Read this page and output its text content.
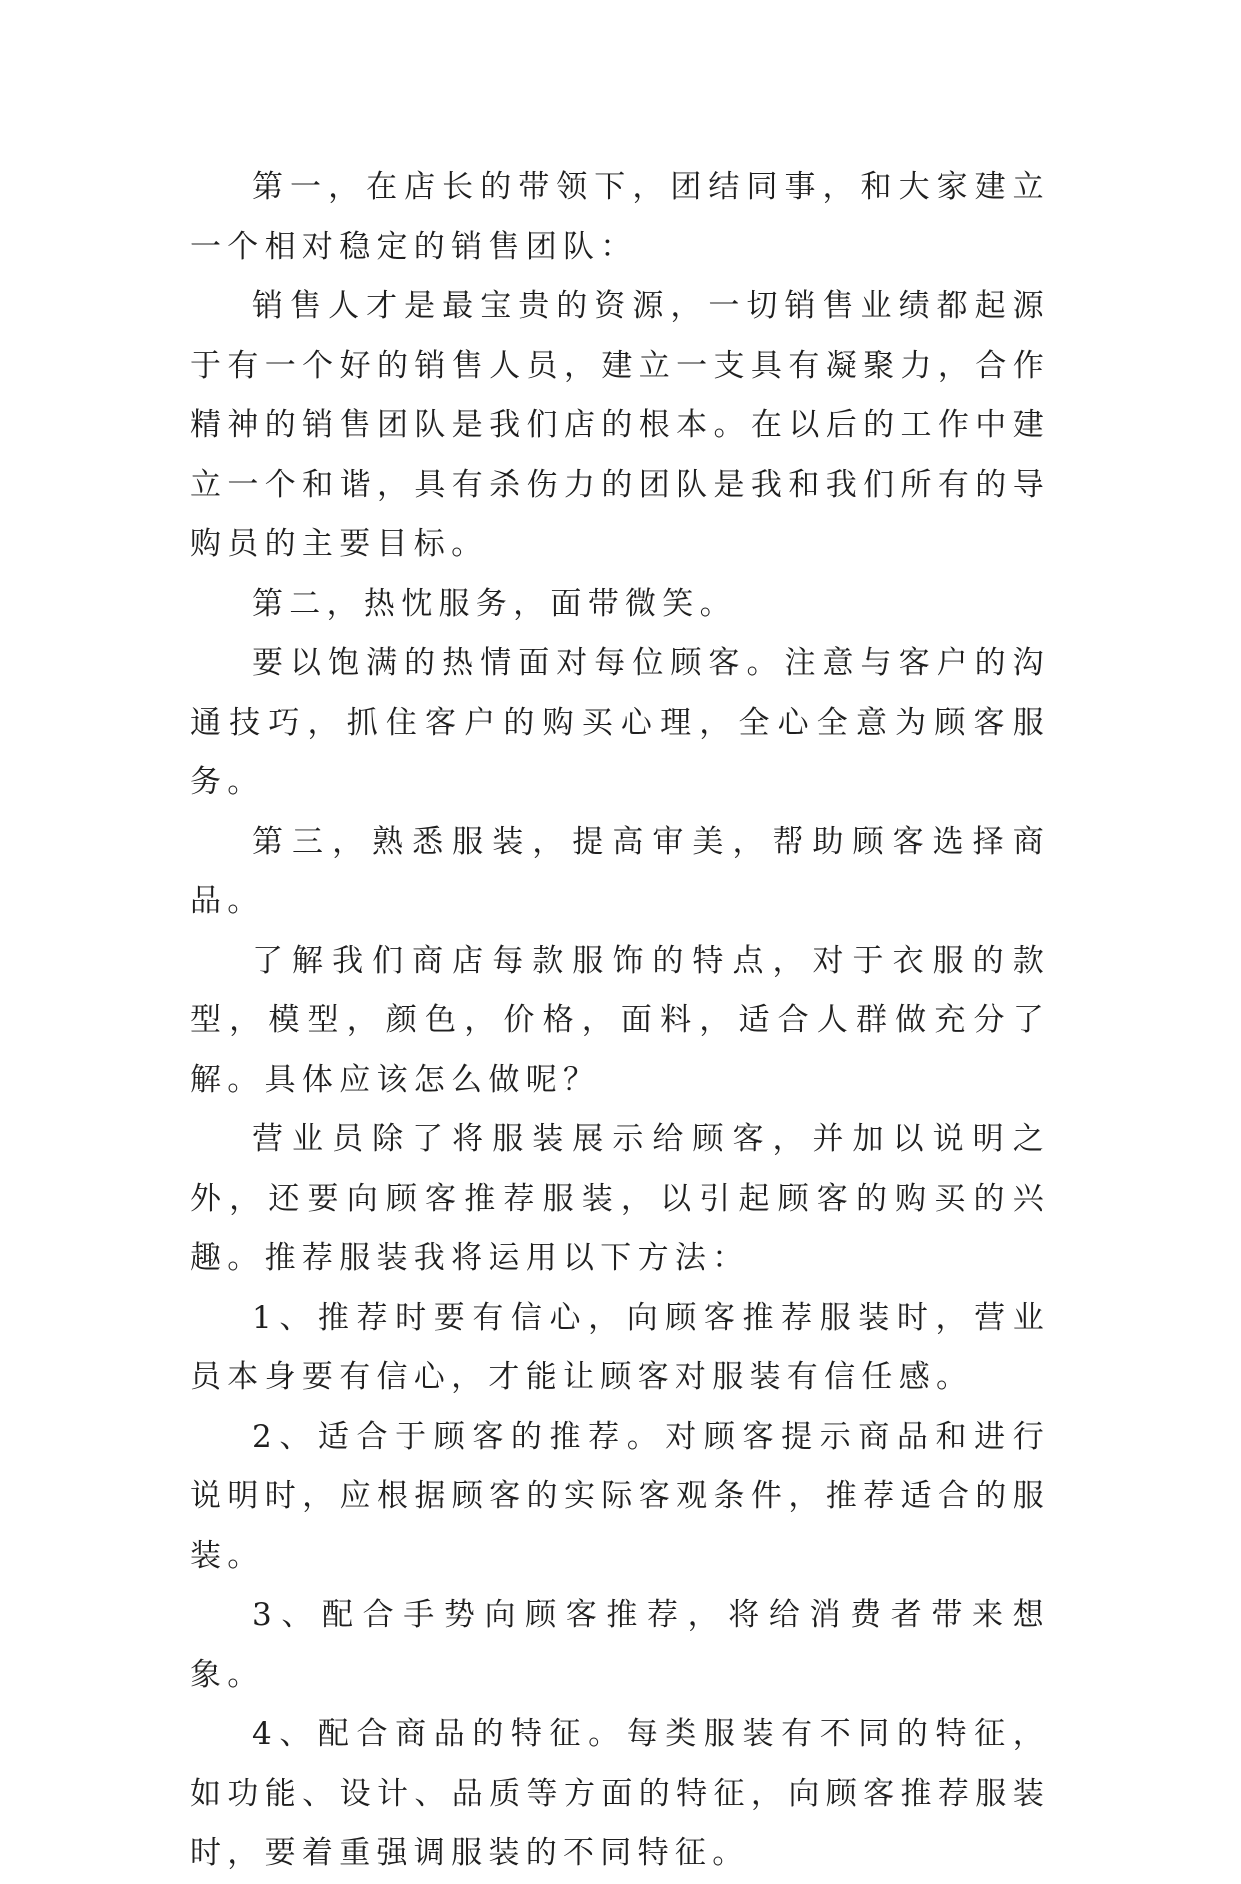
第一，在店长的带领下，团结同事，和大家建立一个相对稳定的销售团队：

销售人才是最宝贵的资源，一切销售业绩都起源于有一个好的销售人员，建立一支具有凝聚力，合作精神的销售团队是我们店的根本。在以后的工作中建立一个和谐，具有杀伤力的团队是我和我们所有的导购员的主要目标。

第二，热忱服务，面带微笑。

要以饱满的热情面对每位顾客。注意与客户的沟通技巧，抓住客户的购买心理，全心全意为顾客服务。

第三，熟悉服装，提高审美，帮助顾客选择商品。

了解我们商店每款服饰的特点，对于衣服的款型，模型，颜色，价格，面料，适合人群做充分了解。具体应该怎么做呢？

营业员除了将服装展示给顾客，并加以说明之外，还要向顾客推荐服装，以引起顾客的购买的兴趣。推荐服装我将运用以下方法：

1、推荐时要有信心，向顾客推荐服装时，营业员本身要有信心，才能让顾客对服装有信任感。

2、适合于顾客的推荐。对顾客提示商品和进行说明时，应根据顾客的实际客观条件，推荐适合的服装。

3、配合手势向顾客推荐，将给消费者带来想象。

4、配合商品的特征。每类服装有不同的特征，如功能、设计、品质等方面的特征，向顾客推荐服装时，要着重强调服装的不同特征。
